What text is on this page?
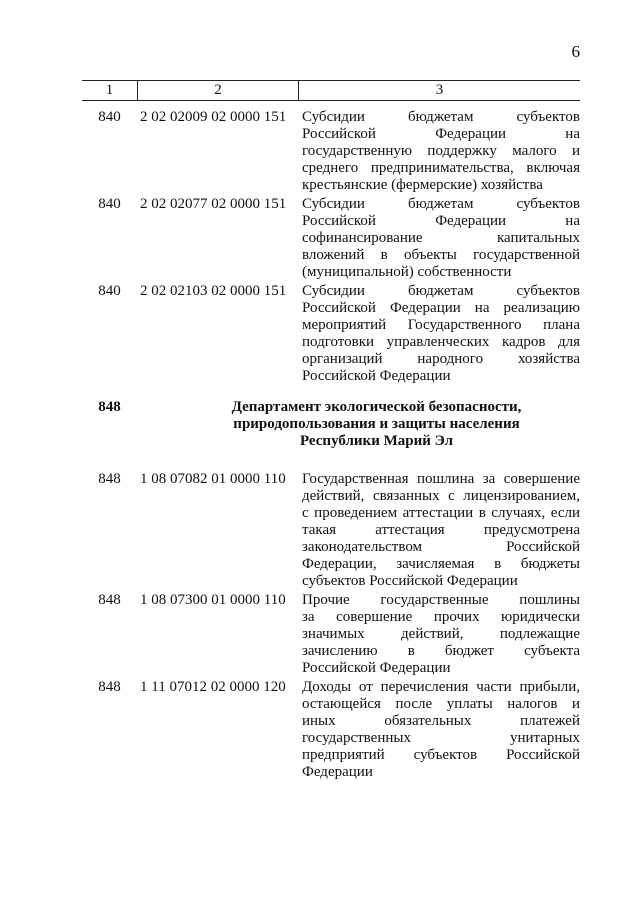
6
1	2	3
840	2 02 02009 02 0000 151	Субсидии бюджетам субъектов
Российской Федерации на
государственную поддержку малого и
среднего предпринимательства, включая
крестьянские (фермерские) хозяйства
840	2 02 02077 02 0000 151	Субсидии бюджетам субъектов
Российской Федерации на
софинансирование капитальных
вложений в объекты государственной
(муниципальной) собственности
840	2 02 02103 02 0000 151	Субсидии бюджетам субъектов
Российской Федерации на реализацию
мероприятий Государственного плана
подготовки управленческих кадров для
организаций народного хозяйства
Российской Федерации
848	Департамент экологической безопасности,
природопользования и защиты населения
Республики Марий Эл
848	1 08 07082 01 0000 110	Государственная пошлина за совершение
действий, связанных с лицензированием,
с проведением аттестации в случаях, если
такая аттестация предусмотрена
законодательством Российской
Федерации, зачисляемая в бюджеты
субъектов Российской Федерации
848	1 08 07300 01 0000 110	Прочие государственные пошлины
за совершение прочих юридически
значимых действий, подлежащие
зачислению в бюджет субъекта
Российской Федерации
848	1 11 07012 02 0000 120	Доходы от перечисления части прибыли,
остающейся после уплаты налогов и
иных обязательных платежей
государственных унитарных
предприятий субъектов Российской
Федерации
